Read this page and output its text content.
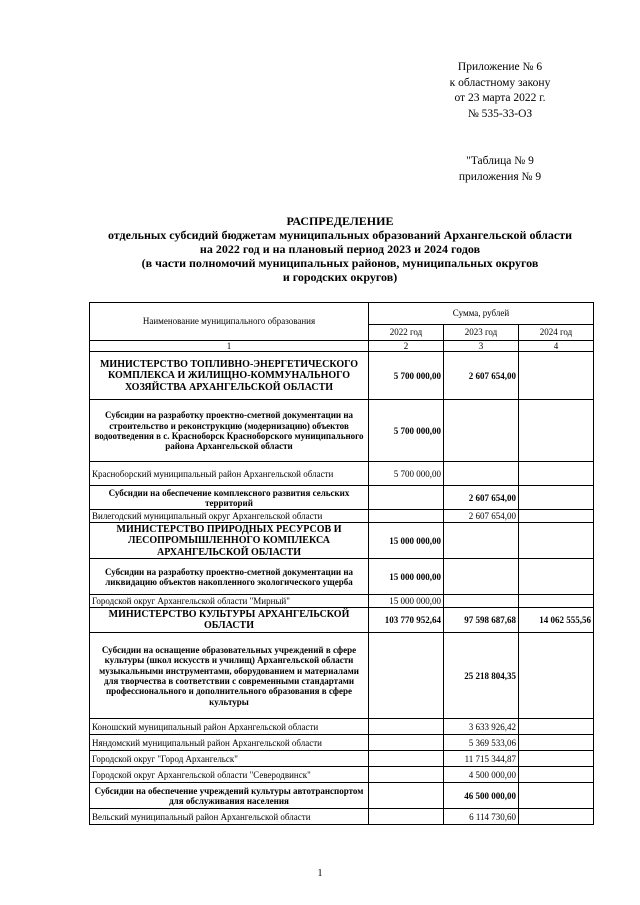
Приложение № 6
к областному закону
от 23 марта 2022 г.
№ 535-33-ОЗ
"Таблица № 9
приложения № 9
РАСПРЕДЕЛЕНИЕ
отдельных субсидий бюджетам муниципальных образований Архангельской области
на 2022 год и на плановый период 2023 и 2024 годов
(в части полномочий муниципальных районов, муниципальных округов
и городских округов)
Наименование муниципального образования	Сумма, рублей		
	2022 год	2023 год	2024 год
1	2	3	4
МИНИСТЕРСТВО ТОПЛИВНО-ЭНЕРГЕТИЧЕСКОГО КОМПЛЕКСА И ЖИЛИЩНО-КОММУНАЛЬНОГО ХОЗЯЙСТВА АРХАНГЕЛЬСКОЙ ОБЛАСТИ	5 700 000,00	2 607 654,00	
Субсидии на разработку проектно-сметной документации на строительство и реконструкцию (модернизацию) объектов водоотведения в с. Красноборск Красноборского муниципального района Архангельской области	5 700 000,00		
Красноборский муниципальный район Архангельской области	5 700 000,00		
Субсидии на обеспечение комплексного развития сельских территорий		2 607 654,00	
Вилегодский муниципальный округ Архангельской области		2 607 654,00	
МИНИСТЕРСТВО ПРИРОДНЫХ РЕСУРСОВ И ЛЕСОПРОМЫШЛЕННОГО КОМПЛЕКСА АРХАНГЕЛЬСКОЙ ОБЛАСТИ	15 000 000,00		
Субсидии на разработку проектно-сметной документации на ликвидацию объектов накопленного экологического ущерба	15 000 000,00		
Городской округ Архангельской области "Мирный"	15 000 000,00		
МИНИСТЕРСТВО КУЛЬТУРЫ АРХАНГЕЛЬСКОЙ ОБЛАСТИ	103 770 952,64	97 598 687,68	14 062 555,56
Субсидии на оснащение образовательных учреждений в сфере культуры (школ искусств и училищ) Архангельской области музыкальными инструментами, оборудованием и материалами для творчества в соответствии с современными стандартами профессионального и дополнительного образования в сфере культуры		25 218 804,35	
Коношский муниципальный район Архангельской области		3 633 926,42	
Няндомский муниципальный район Архангельской области		5 369 533,06	
Городской округ "Город Архангельск"		11 715 344,87	
Городской округ Архангельской области "Северодвинск"		4 500 000,00	
Субсидии на обеспечение учреждений культуры автотранспортом для обслуживания населения		46 500 000,00	
Вельский муниципальный район Архангельской области		6 114 730,60	
1
